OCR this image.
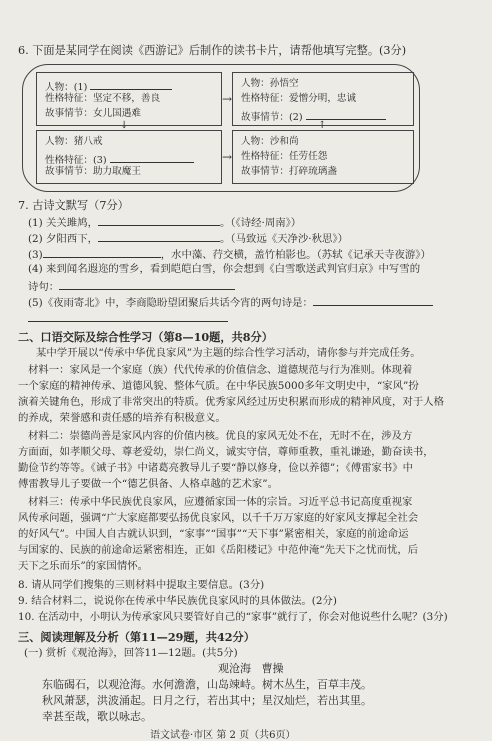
6. 下面是某同学在阅读《西游记》后制作的读书卡片，请帮他填写完整。(3分)
人物：(1)
性格特征：坚定不移，善良
故事情节：女儿国遇难
人物：孙悟空
性格特征：爱憎分明，忠诚
故事情节：(2)
人物：猪八戒
性格特征：(3)
故事情节：助力取魔王
人物：沙和尚
性格特征：任劳任怨
故事情节：打碎琉璃盏
→
→
↓	↑
7. 古诗文默写（7分）
(1) 关关雎鸠，	。（《诗经·周南》）
(2) 夕阳西下，	。（马致远《天净沙·秋思》）
(3)	，水中藻、荇交横，盖竹柏影也。（苏轼《记承天寺夜游》）
(4) 来到闻名遐迩的雪乡，看到皑皑白雪，你会想到《白雪歌送武判官归京》中写雪的
诗句：
(5)《夜雨寄北》中，李商隐盼望团聚后共话今宵的两句诗是：
二、口语交际及综合性学习（第8—10题，共8分）
某中学开展以“传承中华优良家风”为主题的综合性学习活动，请你参与并完成任务。
材料一：家风是一个家庭（族）代代传承的价值信念、道德规范与行为准则。体现着
一个家庭的精神传承、道德风貌、整体气质。在中华民族5000多年文明史中，“家风”扮
演着关键角色，形成了非常突出的特质。优秀家风经过历史积累而形成的精神风度，对于人格
的养成，荣誉感和责任感的培养有积极意义。
材料二：崇德尚善是家风内容的价值内核。优良的家风无处不在，无时不在，涉及方
方面面，如孝顺父母、尊老爱幼，崇仁尚义，诚实守信，尊师重教，重礼谦逊，勤奋读书，
勤俭节约等等。《诫子书》中诸葛亮教导儿子要“静以修身，俭以养德”；《傅雷家书》中
傅雷教导儿子要做一个“德艺俱备、人格卓越的艺术家”。
材料三：传承中华民族优良家风，应遵循家国一体的宗旨。习近平总书记高度重视家
风传承问题，强调“广大家庭都要弘扬优良家风，以千千万万家庭的好家风支撑起全社会
的好风气”。中国人自古就认识到，“家事”“国事”“天下事”紧密相关，家庭的前途命运
与国家的、民族的前途命运紧密相连，正如《岳阳楼记》中范仲淹“先天下之忧而忧，后
天下之乐而乐”的家国情怀。
8. 请从同学们搜集的三则材料中提取主要信息。(3分)
9. 结合材料二，说说你在传承中华民族优良家风时的具体做法。(2分)
10. 在活动中，小明认为传承家风只要管好自己的“家事”就行了，你会对他说些什么呢？(3分)
三、阅读理解及分析（第11—29题，共42分）
(一) 赏析《观沧海》，回答11—12题。(共5分)
观沧海 曹操
东临碣石，以观沧海。水何澹澹，山岛竦峙。树木丛生，百草丰茂。
秋风萧瑟，洪波涌起。日月之行，若出其中；星汉灿烂，若出其里。
幸甚至哉，歌以咏志。
语文试卷·市区 第 2 页（共6页）
